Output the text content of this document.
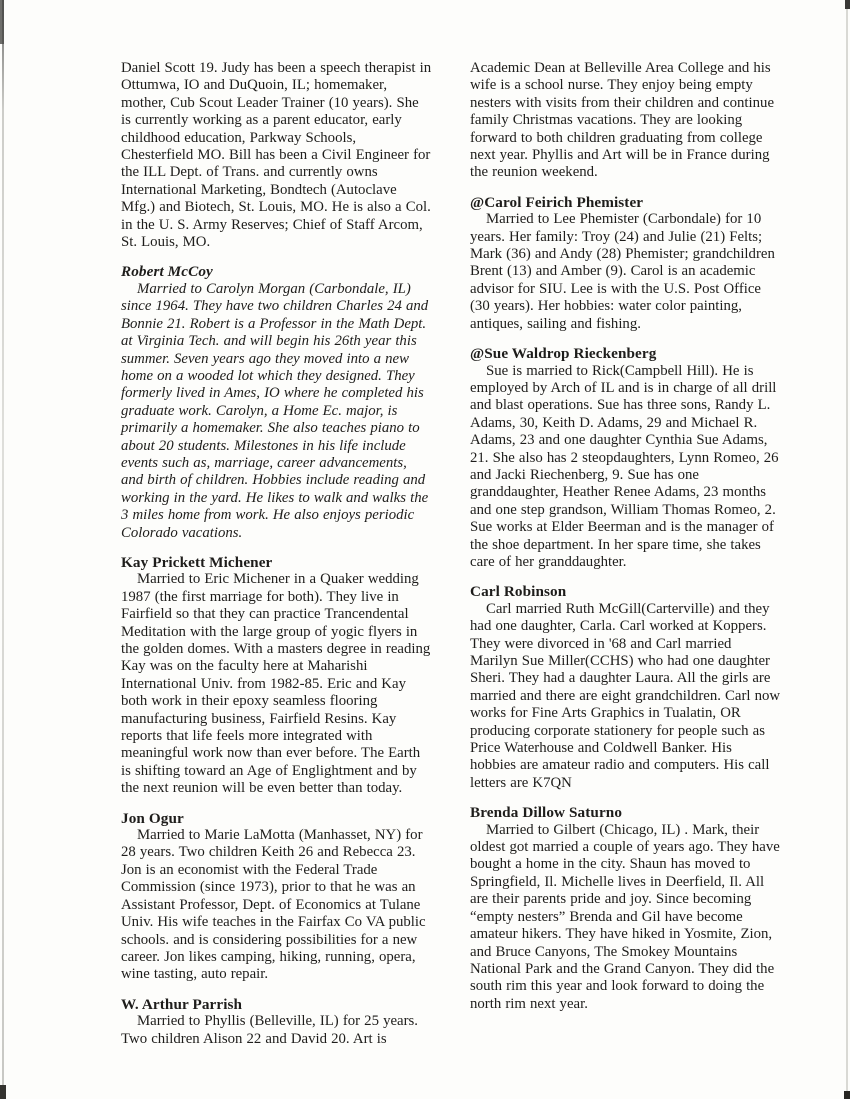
Daniel Scott 19. Judy has been a speech therapist in Ottumwa, IO and DuQuoin, IL; homemaker, mother, Cub Scout Leader Trainer (10 years). She is currently working as a parent educator, early childhood education, Parkway Schools, Chesterfield MO. Bill has been a Civil Engineer for the ILL Dept. of Trans. and currently owns International Marketing, Bondtech (Autoclave Mfg.) and Biotech, St. Louis, MO. He is also a Col. in the U. S. Army Reserves; Chief of Staff Arcom, St. Louis, MO.

Robert McCoy

Married to Carolyn Morgan (Carbondale, IL) since 1964. They have two children Charles 24 and Bonnie 21. Robert is a Professor in the Math Dept. at Virginia Tech. and will begin his 26th year this summer. Seven years ago they moved into a new home on a wooded lot which they designed. They formerly lived in Ames, IO where he completed his graduate work. Carolyn, a Home Ec. major, is primarily a homemaker. She also teaches piano to about 20 students. Milestones in his life include events such as, marriage, career advancements, and birth of children. Hobbies include reading and working in the yard. He likes to walk and walks the 3 miles home from work. He also enjoys periodic Colorado vacations.

Kay Prickett Michener

Married to Eric Michener in a Quaker wedding 1987 (the first marriage for both). They live in Fairfield so that they can practice Trancendental Meditation with the large group of yogic flyers in the golden domes. With a masters degree in reading Kay was on the faculty here at Maharishi International Univ. from 1982-85. Eric and Kay both work in their epoxy seamless flooring manufacturing business, Fairfield Resins. Kay reports that life feels more integrated with meaningful work now than ever before. The Earth is shifting toward an Age of Englightment and by the next reunion will be even better than today.

Jon Ogur

Married to Marie LaMotta (Manhasset, NY) for 28 years. Two children Keith 26 and Rebecca 23. Jon is an economist with the Federal Trade Commission (since 1973), prior to that he was an Assistant Professor, Dept. of Economics at Tulane Univ. His wife teaches in the Fairfax Co VA public schools. and is considering possibilities for a new career. Jon likes camping, hiking, running, opera, wine tasting, auto repair.

W. Arthur Parrish

Married to Phyllis (Belleville, IL) for 25 years. Two children Alison 22 and David 20. Art is

Academic Dean at Belleville Area College and his wife is a school nurse. They enjoy being empty nesters with visits from their children and continue family Christmas vacations. They are looking forward to both children graduating from college next year. Phyllis and Art will be in France during the reunion weekend.

@Carol Feirich Phemister

Married to Lee Phemister (Carbondale) for 10 years. Her family: Troy (24) and Julie (21) Felts; Mark (36) and Andy (28) Phemister; grandchildren Brent (13) and Amber (9). Carol is an academic advisor for SIU. Lee is with the U.S. Post Office (30 years). Her hobbies: water color painting, antiques, sailing and fishing.

@Sue Waldrop Rieckenberg

Sue is married to Rick(Campbell Hill). He is employed by Arch of IL and is in charge of all drill and blast operations. Sue has three sons, Randy L. Adams, 30, Keith D. Adams, 29 and Michael R. Adams, 23 and one daughter Cynthia Sue Adams, 21. She also has 2 steopdaughters, Lynn Romeo, 26 and Jacki Riechenberg, 9. Sue has one granddaughter, Heather Renee Adams, 23 months and one step grandson, William Thomas Romeo, 2. Sue works at Elder Beerman and is the manager of the shoe department. In her spare time, she takes care of her granddaughter.

Carl Robinson

Carl married Ruth McGill(Carterville) and they had one daughter, Carla. Carl worked at Koppers. They were divorced in '68 and Carl married Marilyn Sue Miller(CCHS) who had one daughter Sheri. They had a daughter Laura. All the girls are married and there are eight grandchildren. Carl now works for Fine Arts Graphics in Tualatin, OR producing corporate stationery for people such as Price Waterhouse and Coldwell Banker. His hobbies are amateur radio and computers. His call letters are K7QN

Brenda Dillow Saturno

Married to Gilbert (Chicago, IL) . Mark, their oldest got married a couple of years ago. They have bought a home in the city. Shaun has moved to Springfield, Il. Michelle lives in Deerfield, Il. All are their parents pride and joy. Since becoming “empty nesters” Brenda and Gil have become amateur hikers. They have hiked in Yosmite, Zion, and Bruce Canyons, The Smokey Mountains National Park and the Grand Canyon. They did the south rim this year and look forward to doing the north rim next year.
